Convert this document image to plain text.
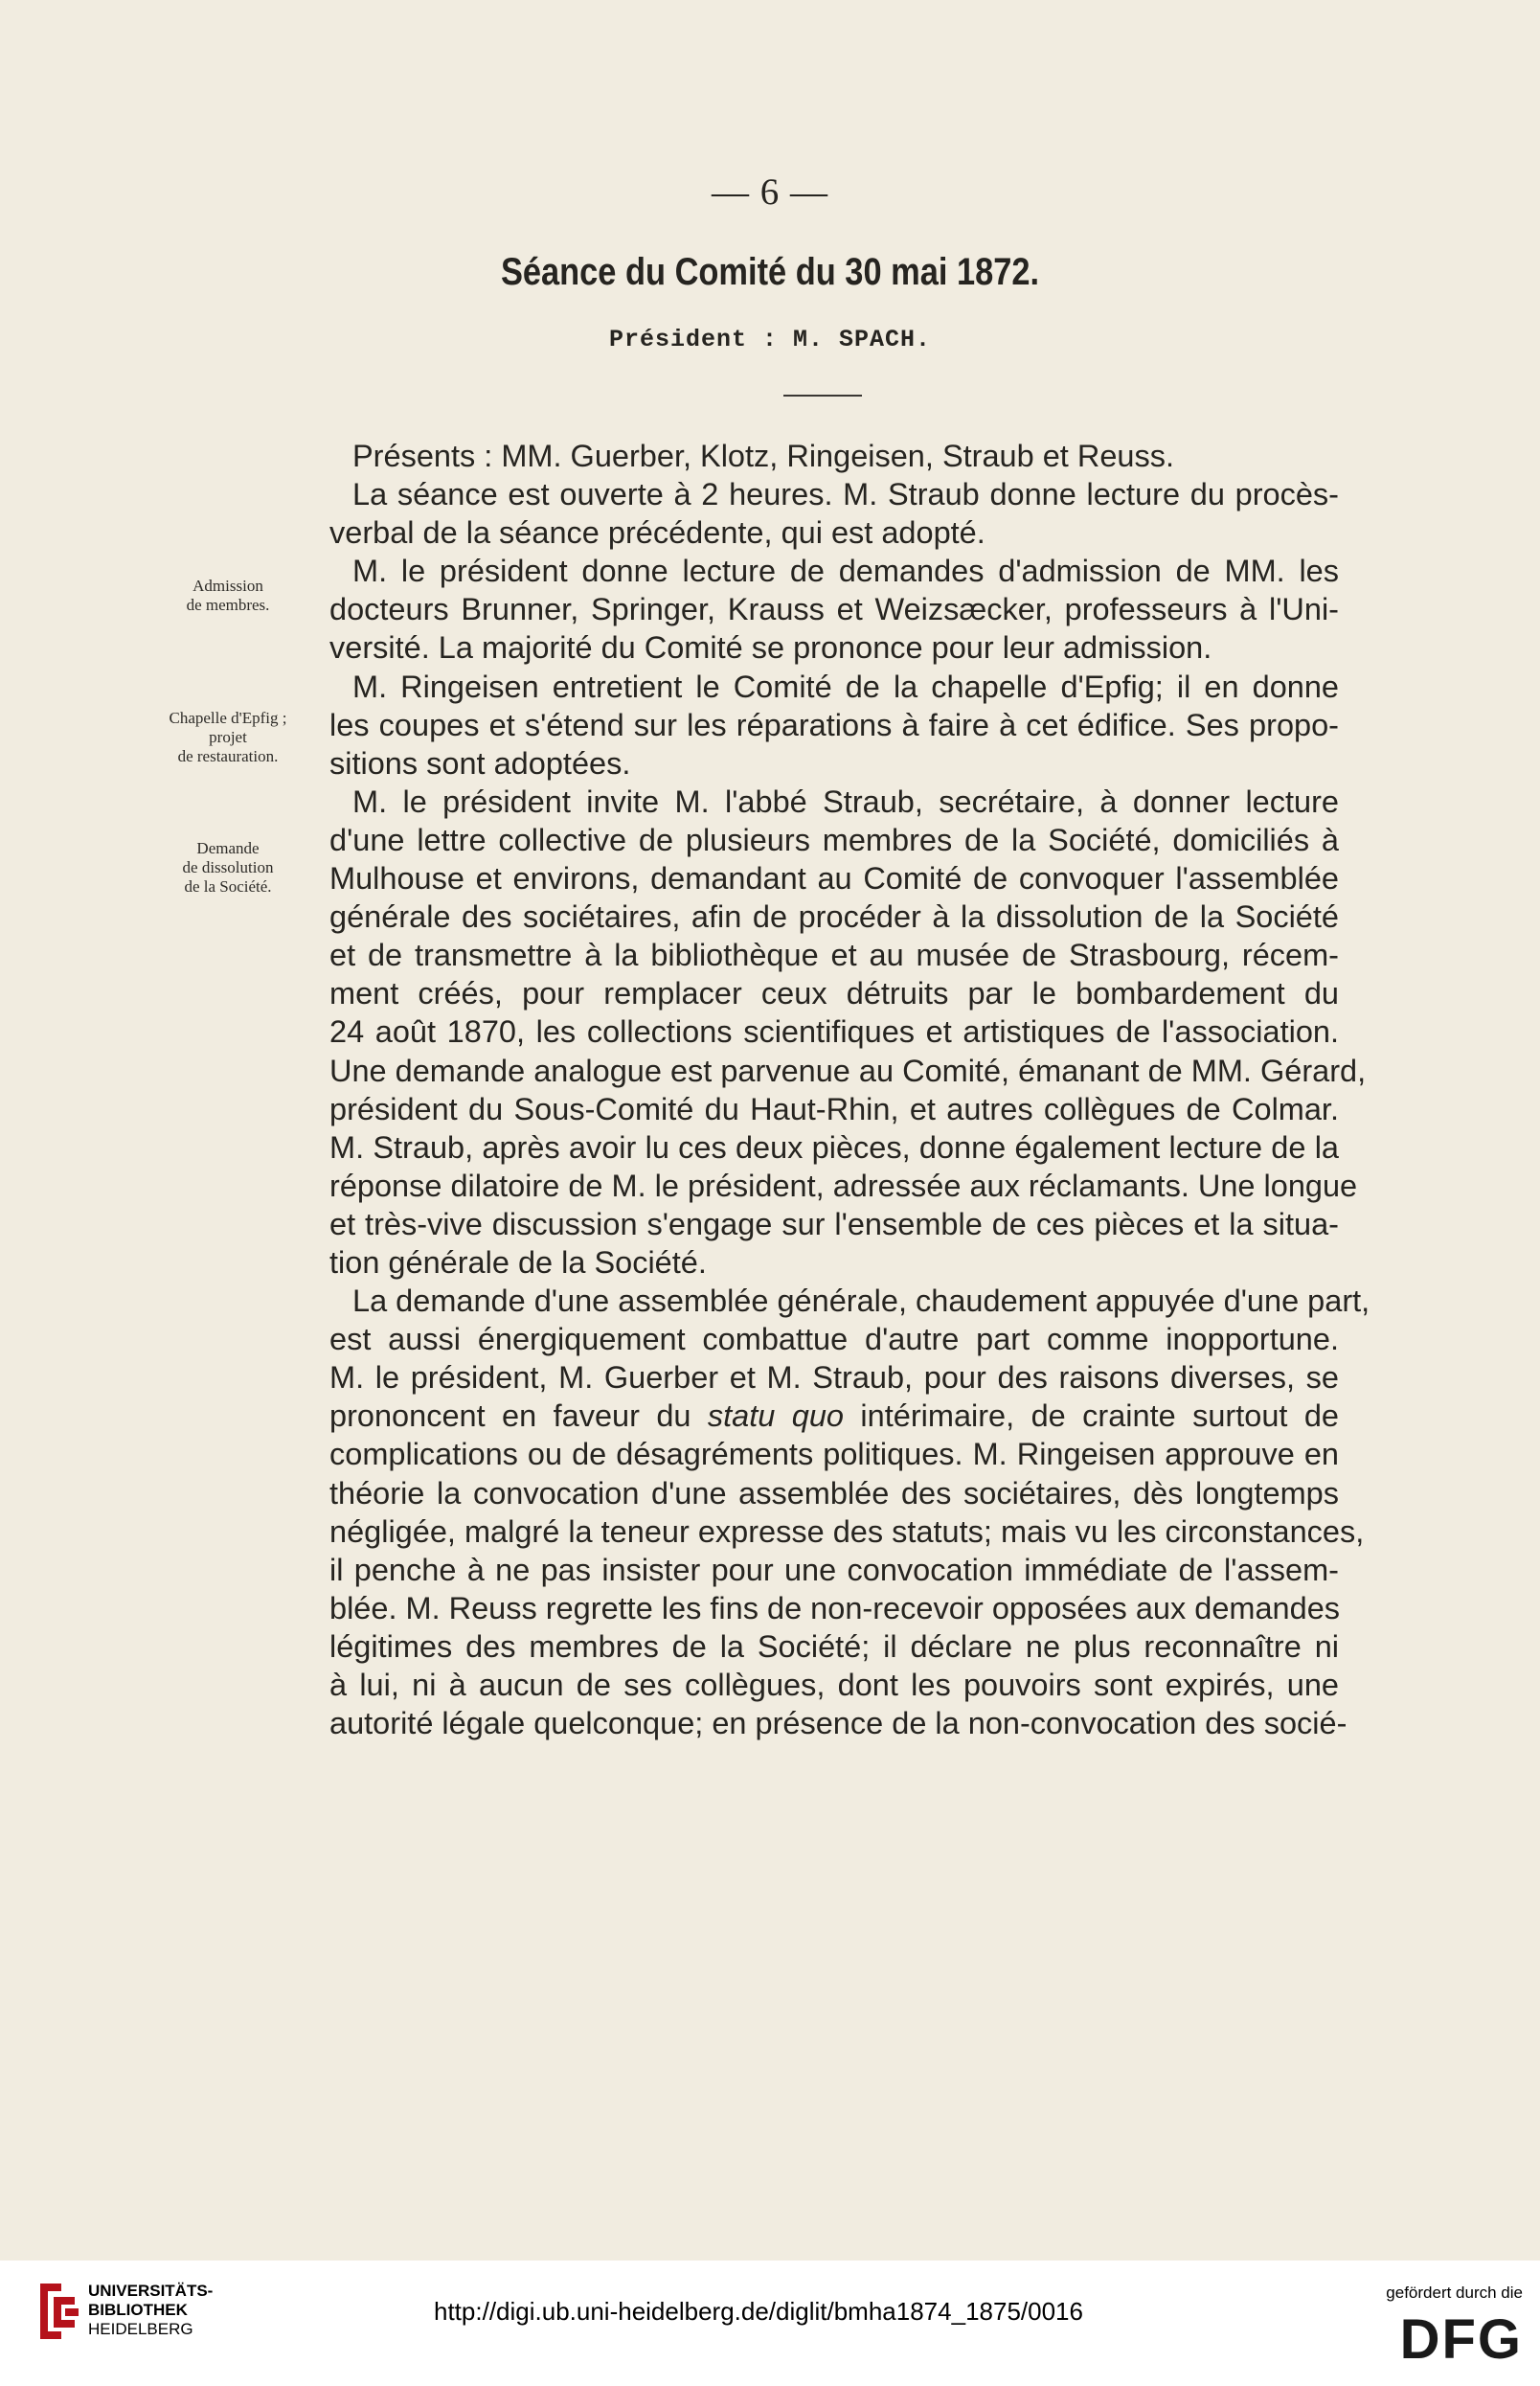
— 6 —
Séance du Comité du 30 mai 1872.
Président : M. SPACH.
Admission
de membres.
Chapelle d'Epfig ;
projet
de restauration.
Demande
de dissolution
de la Société.
Présents : MM. Guerber, Klotz, Ringeisen, Straub et Reuss.
La séance est ouverte à 2 heures. M. Straub donne lecture du procès-
verbal de la séance précédente, qui est adopté.
M. le président donne lecture de demandes d'admission de MM. les
docteurs Brunner, Springer, Krauss et Weizsæcker, professeurs à l'Uni-
versité. La majorité du Comité se prononce pour leur admission.
M. Ringeisen entretient le Comité de la chapelle d'Epfig; il en donne
les coupes et s'étend sur les réparations à faire à cet édifice. Ses propo-
sitions sont adoptées.
M. le président invite M. l'abbé Straub, secrétaire, à donner lecture
d'une lettre collective de plusieurs membres de la Société, domiciliés à
Mulhouse et environs, demandant au Comité de convoquer l'assemblée
générale des sociétaires, afin de procéder à la dissolution de la Société
et de transmettre à la bibliothèque et au musée de Strasbourg, récem-
ment créés, pour remplacer ceux détruits par le bombardement du
24 août 1870, les collections scientifiques et artistiques de l'association.
Une demande analogue est parvenue au Comité, émanant de MM. Gérard,
président du Sous-Comité du Haut-Rhin, et autres collègues de Colmar.
M. Straub, après avoir lu ces deux pièces, donne également lecture de la
réponse dilatoire de M. le président, adressée aux réclamants. Une longue
et très-vive discussion s'engage sur l'ensemble de ces pièces et la situa-
tion générale de la Société.
La demande d'une assemblée générale, chaudement appuyée d'une part,
est aussi énergiquement combattue d'autre part comme inopportune.
M. le président, M. Guerber et M. Straub, pour des raisons diverses, se
prononcent en faveur du statu quo intérimaire, de crainte surtout de
complications ou de désagréments politiques. M. Ringeisen approuve en
théorie la convocation d'une assemblée des sociétaires, dès longtemps
négligée, malgré la teneur expresse des statuts; mais vu les circonstances,
il penche à ne pas insister pour une convocation immédiate de l'assem-
blée. M. Reuss regrette les fins de non-recevoir opposées aux demandes
légitimes des membres de la Société; il déclare ne plus reconnaître ni
à lui, ni à aucun de ses collègues, dont les pouvoirs sont expirés, une
autorité légale quelconque; en présence de la non-convocation des socié-
UNIVERSITÄTS-
BIBLIOTHEK
HEIDELBERG
http://digi.ub.uni-heidelberg.de/diglit/bmha1874_1875/0016
gefördert durch die
DFG
